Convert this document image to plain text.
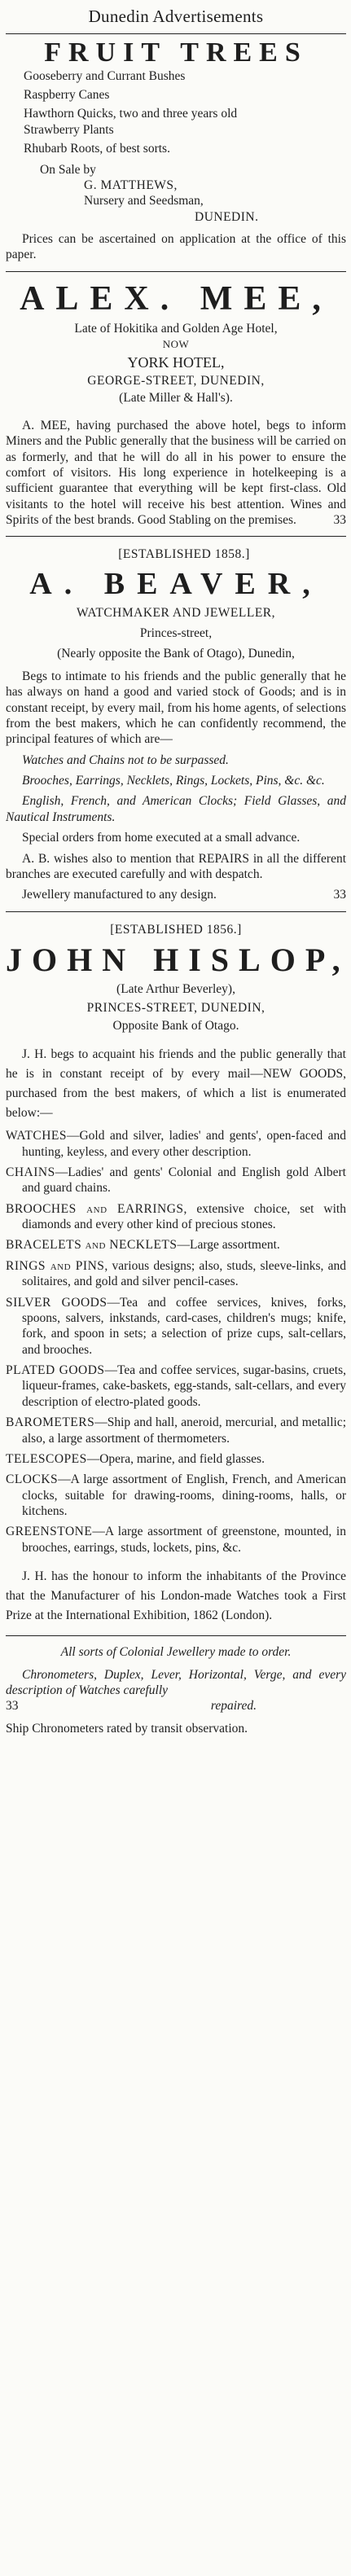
Dunedin Advertisements
FRUIT TREES
Gooseberry and Currant Bushes
Raspberry Canes
Hawthorn Quicks, two and three years old
Strawberry Plants
Rhubarb Roots, of best sorts.
On Sale by
G. MATTHEWS,
Nursery and Seedsman,
DUNEDIN.
Prices can be ascertained on application at the office of this paper.
ALEX. MEE,
Late of Hokitika and Golden Age Hotel,
NOW
YORK HOTEL,
GEORGE-STREET, DUNEDIN,
(Late Miller & Hall's).
A. MEE, having purchased the above hotel, begs to inform Miners and the Public generally that the business will be carried on as formerly, and that he will do all in his power to ensure the comfort of visitors. His long experience in hotelkeeping is a sufficient guarantee that everything will be kept first-class. Old visitants to the hotel will receive his best attention. Wines and Spirits of the best brands. Good Stabling on the premises.	33
[ESTABLISHED 1858.]
A. BEAVER,
WATCHMAKER AND JEWELLER,
Princes-street,
(Nearly opposite the Bank of Otago), Dunedin,
Begs to intimate to his friends and the public generally that he has always on hand a good and varied stock of Goods; and is in constant receipt, by every mail, from his home agents, of selections from the best makers, which he can confidently recommend, the principal features of which are—
Watches and Chains not to be surpassed.
Brooches, Earrings, Necklets, Rings, Lockets, Pins, &c. &c.
English, French, and American Clocks; Field Glasses, and Nautical Instruments.
Special orders from home executed at a small advance.
A. B. wishes also to mention that REPAIRS in all the different branches are executed carefully and with despatch.
Jewellery manufactured to any design.	33
[ESTABLISHED 1856.]
JOHN HISLOP,
(Late Arthur Beverley),
PRINCES-STREET, DUNEDIN,
Opposite Bank of Otago.
J. H. begs to acquaint his friends and the public generally that he is in constant receipt of by every mail—NEW GOODS, purchased from the best makers, of which a list is enumerated below:—
WATCHES—Gold and silver, ladies' and gents', open-faced and hunting, keyless, and every other description.
CHAINS—Ladies' and gents' Colonial and English gold Albert and guard chains.
BROOCHES and EARRINGS, extensive choice, set with diamonds and every other kind of precious stones.
BRACELETS and NECKLETS—Large assortment.
RINGS and PINS, various designs; also, studs, sleeve-links, and solitaires, and gold and silver pencil-cases.
SILVER GOODS—Tea and coffee services, knives, forks, spoons, salvers, inkstands, card-cases, children's mugs; knife, fork, and spoon in sets; a selection of prize cups, salt-cellars, and brooches.
PLATED GOODS—Tea and coffee services, sugar-basins, cruets, liqueur-frames, cake-baskets, egg-stands, salt-cellars, and every description of electro-plated goods.
BAROMETERS—Ship and hall, aneroid, mercurial, and metallic; also, a large assortment of thermometers.
TELESCOPES—Opera, marine, and field glasses.
CLOCKS—A large assortment of English, French, and American clocks, suitable for drawing-rooms, dining-rooms, halls, or kitchens.
GREENSTONE—A large assortment of greenstone, mounted, in brooches, earrings, studs, lockets, pins, &c.
J. H. has the honour to inform the inhabitants of the Province that the Manufacturer of his London-made Watches took a First Prize at the International Exhibition, 1862 (London).
All sorts of Colonial Jewellery made to order.
Chronometers, Duplex, Lever, Horizontal, Verge, and every description of Watches carefully
33	repaired.
Ship Chronometers rated by transit observation.
